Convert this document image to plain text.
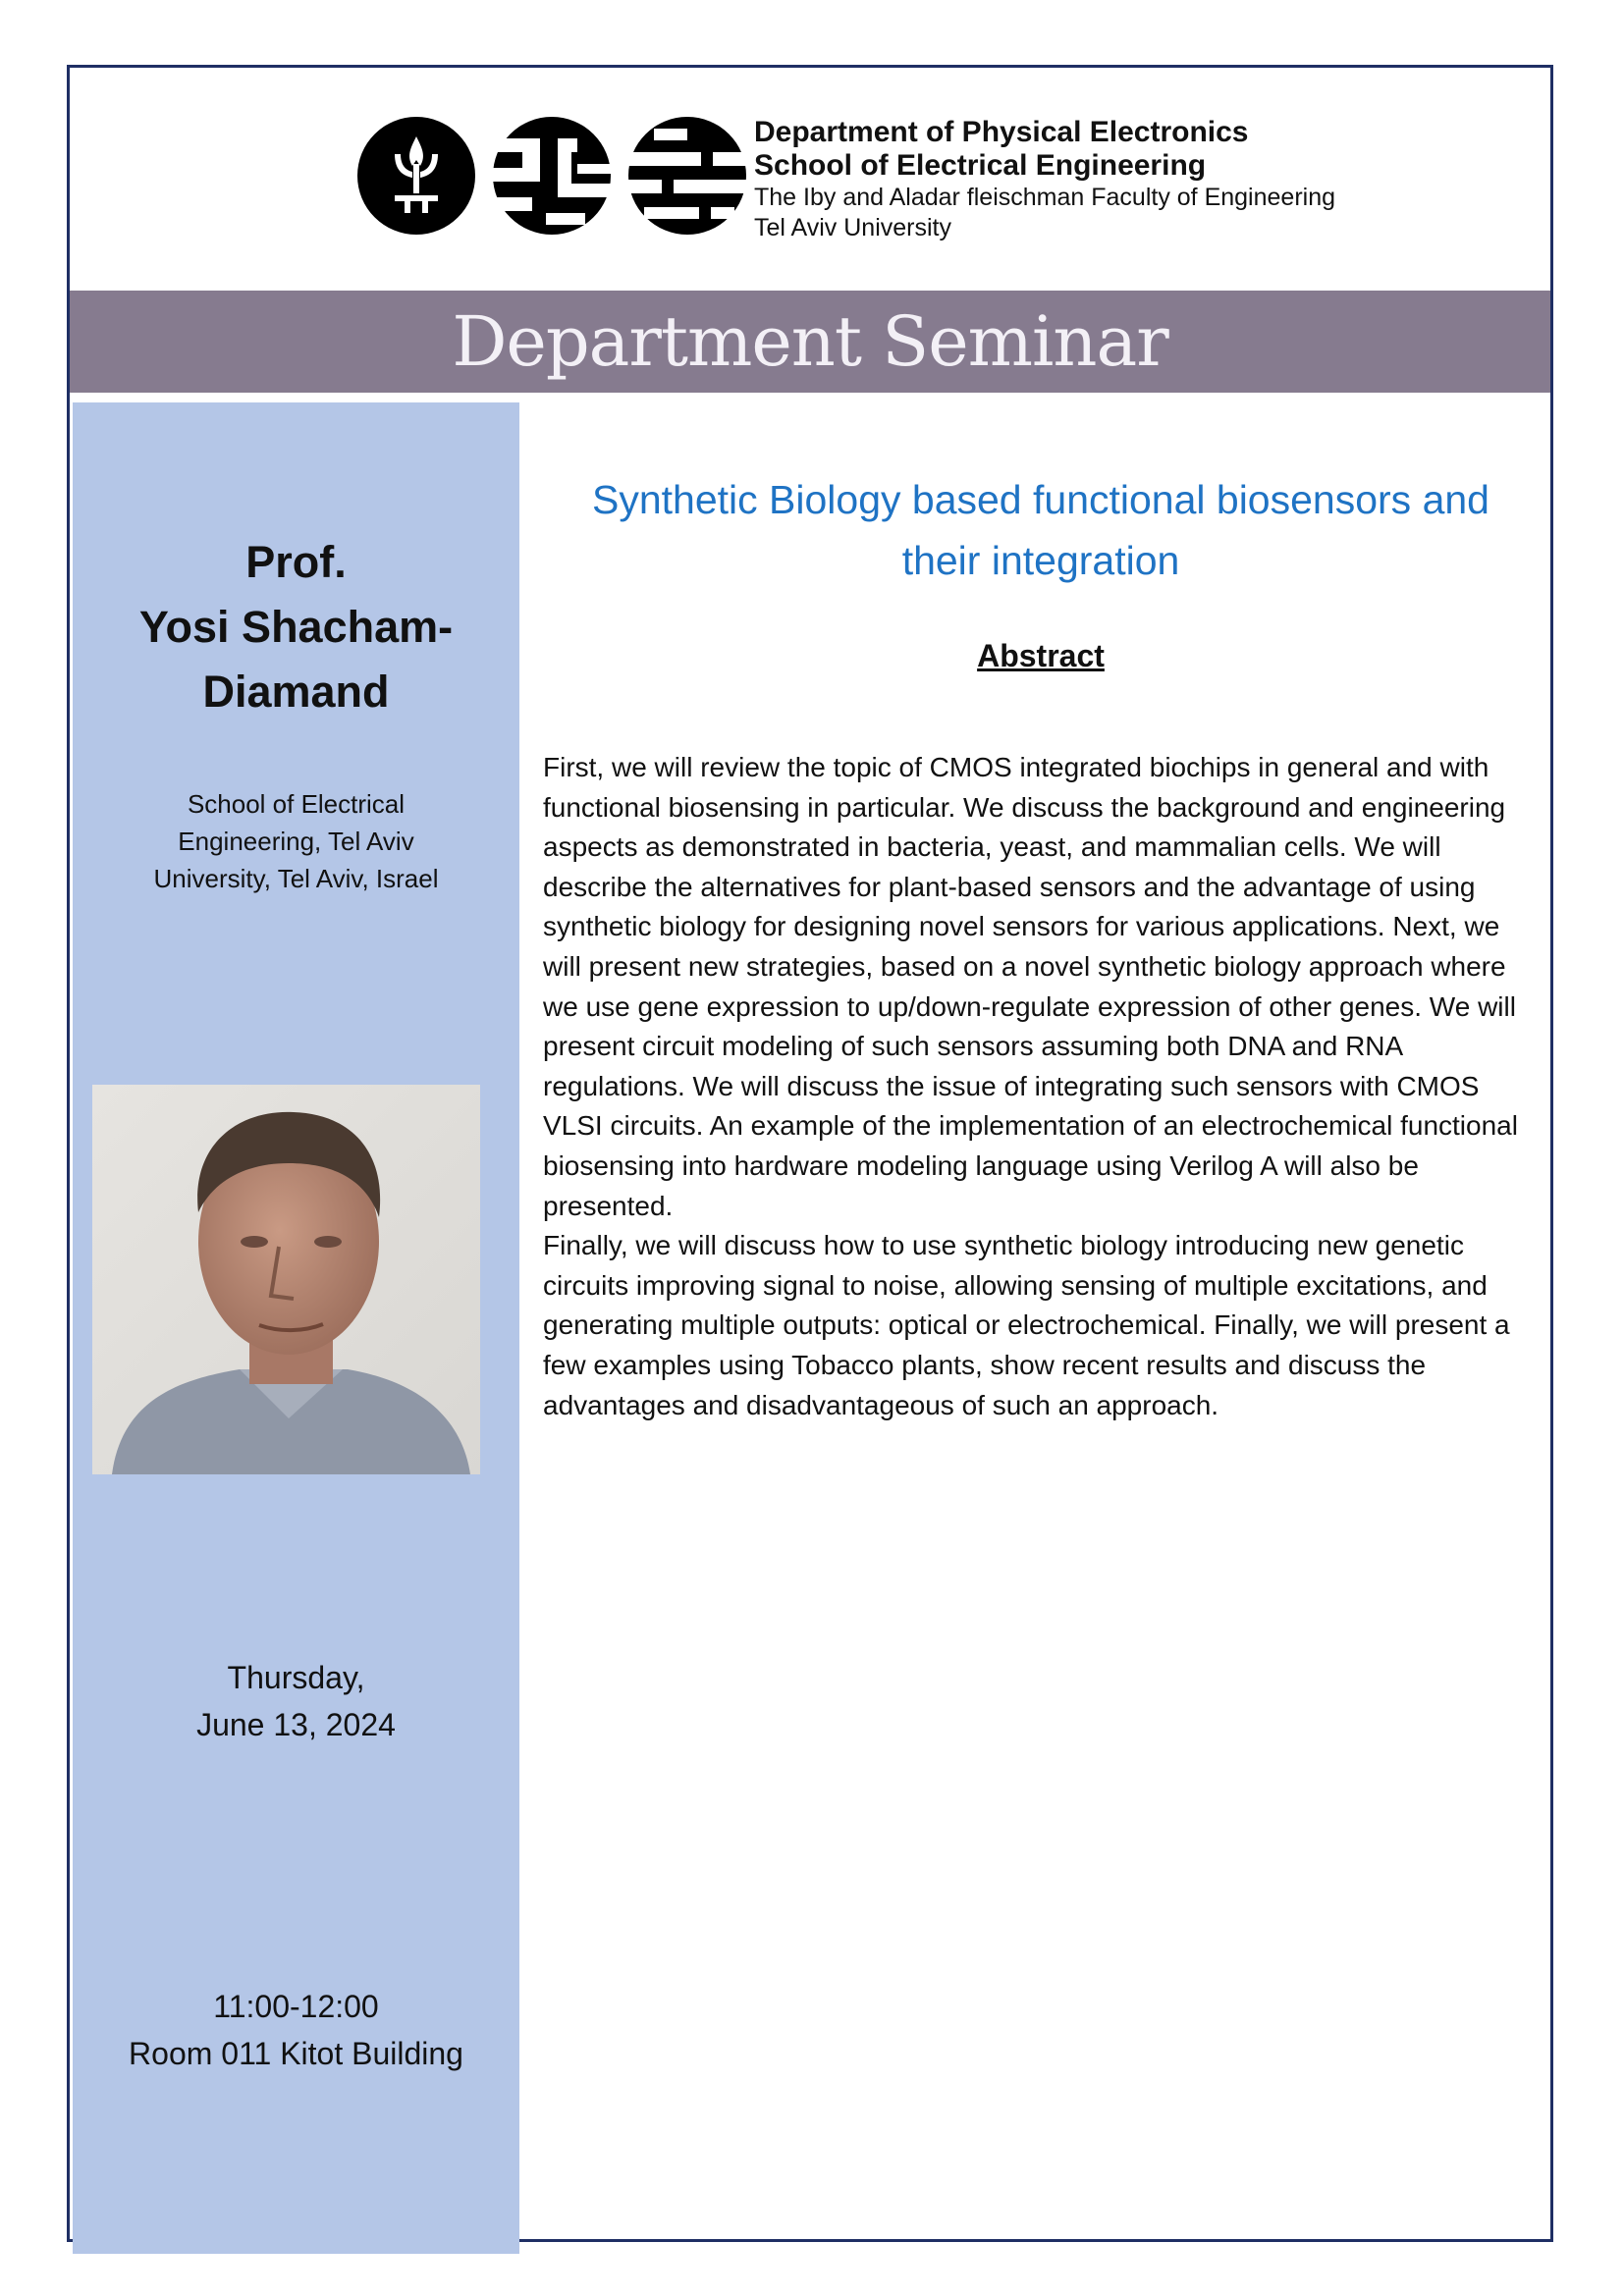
Department of Physical Electronics
School of Electrical Engineering
The Iby and Aladar fleischman Faculty of Engineering
Tel Aviv University
Department Seminar
Prof.
Yosi Shacham-
Diamand
School of Electrical
Engineering, Tel Aviv
University, Tel Aviv, Israel
Thursday,
June 13, 2024
11:00-12:00
Room 011 Kitot Building
Synthetic Biology based functional biosensors and
their integration
Abstract

First, we will review the topic of CMOS integrated biochips in general and with functional biosensing in particular. We discuss the background and engineering aspects as demonstrated in bacteria, yeast, and mammalian cells. We will describe the alternatives for plant-based sensors and the advantage of using synthetic biology for designing novel sensors for various applications. Next, we will present new strategies, based on a novel synthetic biology approach where we use gene expression to up/down-regulate expression of other genes. We will present circuit modeling of such sensors assuming both DNA and RNA regulations. We will discuss the issue of integrating such sensors with CMOS VLSI circuits. An example of the implementation of an electrochemical functional biosensing into hardware modeling language using Verilog A will also be presented.

Finally, we will discuss how to use synthetic biology introducing new genetic circuits improving signal to noise, allowing sensing of multiple excitations, and generating multiple outputs: optical or electrochemical. Finally, we will present a few examples using Tobacco plants, show recent results and discuss the advantages and disadvantageous of such an approach.
